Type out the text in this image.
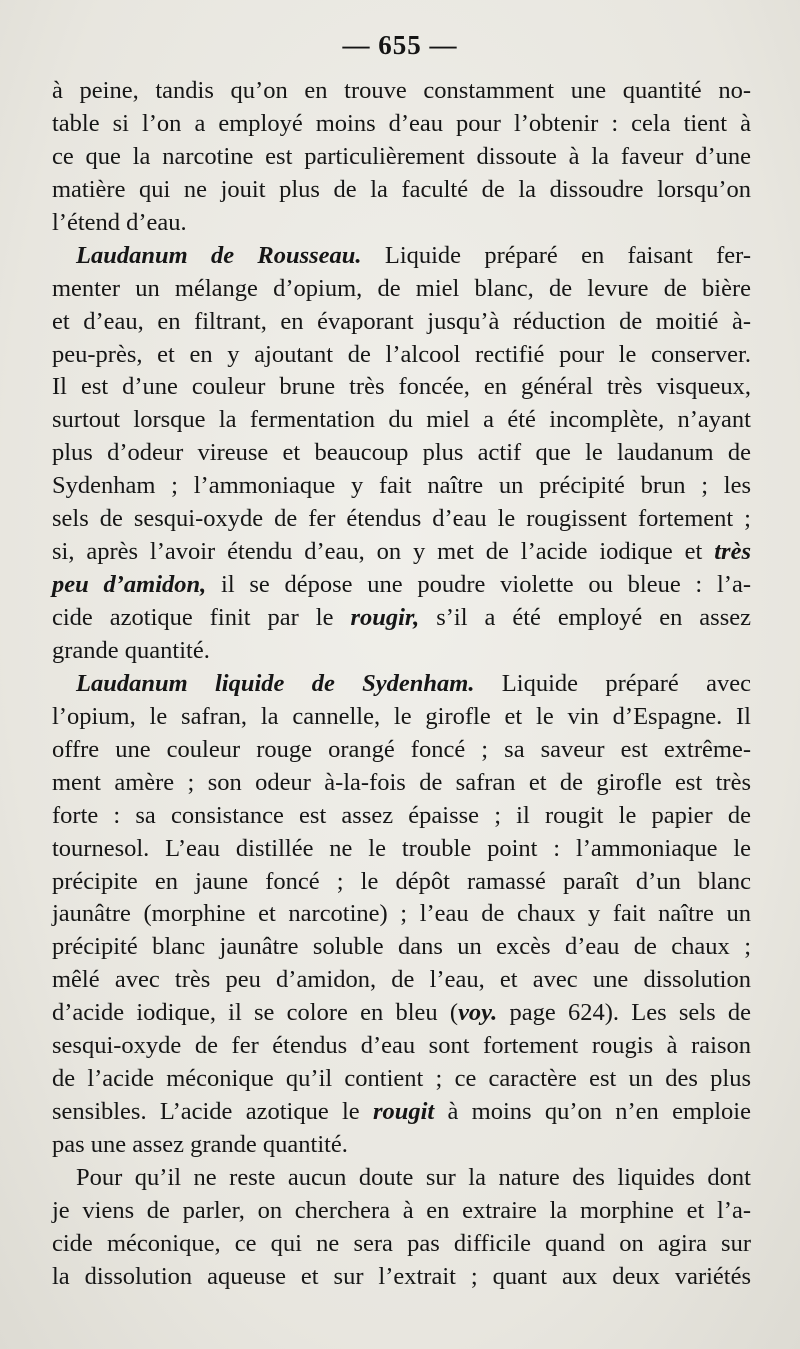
— 655 —
à peine, tandis qu’on en trouve constamment une quantité no-
table si l’on a employé moins d’eau pour l’obtenir : cela tient à
ce que la narcotine est particulièrement dissoute à la faveur d’une
matière qui ne jouit plus de la faculté de la dissoudre lorsqu’on
l’étend d’eau.
Laudanum de Rousseau. Liquide préparé en faisant fer-
menter un mélange d’opium, de miel blanc, de levure de bière
et d’eau, en filtrant, en évaporant jusqu’à réduction de moitié à-
peu-près, et en y ajoutant de l’alcool rectifié pour le conserver.
Il est d’une couleur brune très foncée, en général très visqueux,
surtout lorsque la fermentation du miel a été incomplète, n’ayant
plus d’odeur vireuse et beaucoup plus actif que le laudanum de
Sydenham ; l’ammoniaque y fait naître un précipité brun ; les
sels de sesqui-oxyde de fer étendus d’eau le rougissent fortement ;
si, après l’avoir étendu d’eau, on y met de l’acide iodique et très
peu d’amidon, il se dépose une poudre violette ou bleue : l’a-
cide azotique finit par le rougir, s’il a été employé en assez
grande quantité.
Laudanum liquide de Sydenham. Liquide préparé avec
l’opium, le safran, la cannelle, le girofle et le vin d’Espagne. Il
offre une couleur rouge orangé foncé ; sa saveur est extrême-
ment amère ; son odeur à-la-fois de safran et de girofle est très
forte : sa consistance est assez épaisse ; il rougit le papier de
tournesol. L’eau distillée ne le trouble point : l’ammoniaque le
précipite en jaune foncé ; le dépôt ramassé paraît d’un blanc
jaunâtre (morphine et narcotine) ; l’eau de chaux y fait naître un
précipité blanc jaunâtre soluble dans un excès d’eau de chaux ;
mêlé avec très peu d’amidon, de l’eau, et avec une dissolution
d’acide iodique, il se colore en bleu (voy. page 624). Les sels de
sesqui-oxyde de fer étendus d’eau sont fortement rougis à raison
de l’acide méconique qu’il contient ; ce caractère est un des plus
sensibles. L’acide azotique le rougit à moins qu’on n’en emploie
pas une assez grande quantité.
Pour qu’il ne reste aucun doute sur la nature des liquides dont
je viens de parler, on cherchera à en extraire la morphine et l’a-
cide méconique, ce qui ne sera pas difficile quand on agira sur
la dissolution aqueuse et sur l’extrait ; quant aux deux variétés
